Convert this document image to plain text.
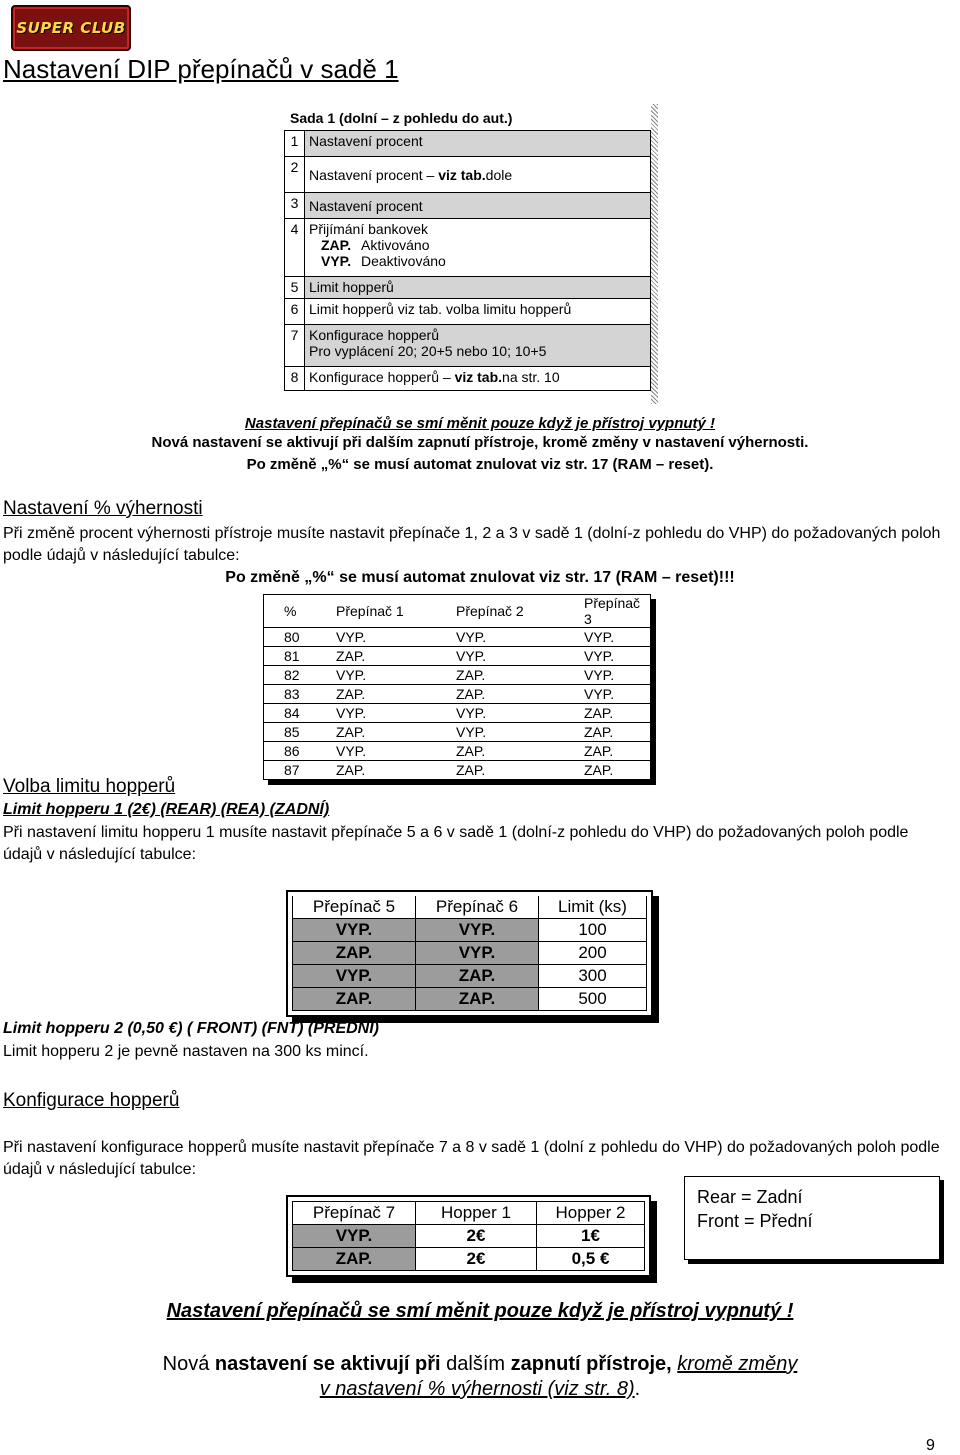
SUPER CLUB
Nastavení DIP přepínačů v sadě 1
Sada 1 (dolní – z pohledu do aut.)
1	Nastavení procent
2	Nastavení procent – viz tab.dole
3	Nastavení procent
4	Přijímání bankovek
ZAP. Aktivováno
VYP. Deaktivováno

5	Limit hopperů
6	Limit hopperů viz tab. volba limitu hopperů
7	Konfigurace hopperů
Pro vyplácení 20; 20+5 nebo 10; 10+5
8	Konfigurace hopperů – viz tab.na str. 10
Nastavení přepínačů se smí měnit pouze když je přístroj vypnutý !
Nová nastavení se aktivují při dalším zapnutí přístroje, kromě změny v nastavení výhernosti.
Po změně „%“ se musí automat znulovat viz str. 17 (RAM – reset).
Nastavení % výhernosti
Při změně procent výhernosti přístroje musíte nastavit přepínače 1, 2 a 3 v sadě 1 (dolní-z pohledu do VHP) do požadovaných poloh podle údajů v následující tabulce:
Po změně „%“ se musí automat znulovat viz str. 17 (RAM – reset)!!!
%	Přepínač 1	Přepínač 2	Přepínač 3
80	VYP.	VYP.	VYP.
81	ZAP.	VYP.	VYP.
82	VYP.	ZAP.	VYP.
83	ZAP.	ZAP.	VYP.
84	VYP.	VYP.	ZAP.
85	ZAP.	VYP.	ZAP.
86	VYP.	ZAP.	ZAP.
87	ZAP.	ZAP.	ZAP.
Volba limitu hopperů
Limit hopperu 1 (2€) (REAR) (REA) (ZADNÍ)
Při nastavení limitu hopperu 1 musíte nastavit přepínače 5 a 6 v sadě 1 (dolní-z pohledu do VHP) do požadovaných poloh podle údajů v následující tabulce:
Přepínač 5	Přepínač 6	Limit (ks)
VYP.	VYP.	100
ZAP.	VYP.	200
VYP.	ZAP.	300
ZAP.	ZAP.	500
Limit hopperu 2 (0,50 €) ( FRONT) (FNT) (PŘEDNÍ)
Limit hopperu 2 je pevně nastaven na 300 ks mincí.
Konfigurace hopperů
Při nastavení konfigurace hopperů musíte nastavit přepínače 7 a 8 v sadě 1 (dolní z pohledu do VHP) do požadovaných poloh podle údajů v následující tabulce:
Přepínač 7	Hopper 1	Hopper 2
VYP.	2€	1€
ZAP.	2€	0,5 €
Rear = Zadní
Front = Přední
Nastavení přepínačů se smí měnit pouze když je přístroj vypnutý !
Nová nastavení se aktivují při dalším zapnutí přístroje, kromě změny
v nastavení % výhernosti (viz str. 8).
9
